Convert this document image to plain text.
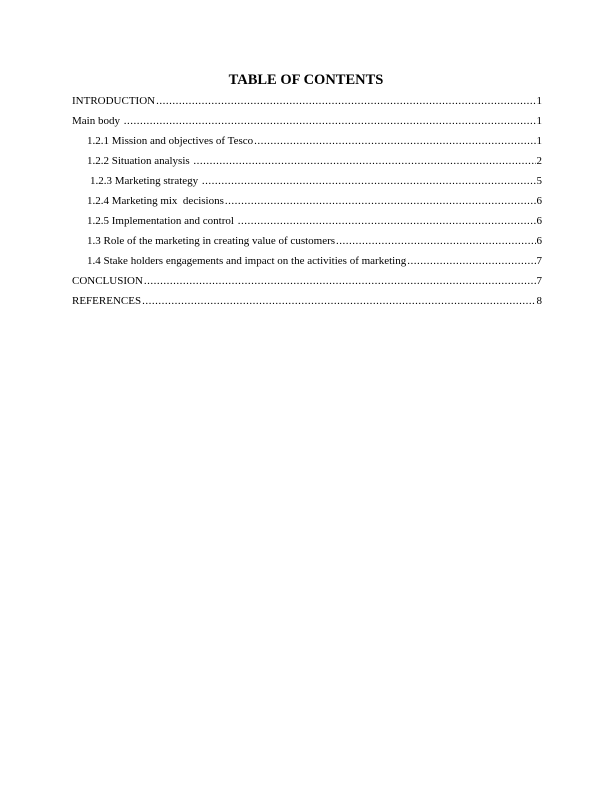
TABLE OF CONTENTS
INTRODUCTION .....	1
Main body .....	1
1.2.1 Mission and objectives of Tesco .....	1
1.2.2 Situation analysis .....	2
1.2.3 Marketing strategy .....	5
1.2.4 Marketing mix  decisions .....	6
1.2.5 Implementation and control .....	6
1.3 Role of the marketing in creating value of customers .....	6
1.4 Stake holders engagements and impact on the activities of marketing .....	7
CONCLUSION .....	7
REFERENCES .....	8
